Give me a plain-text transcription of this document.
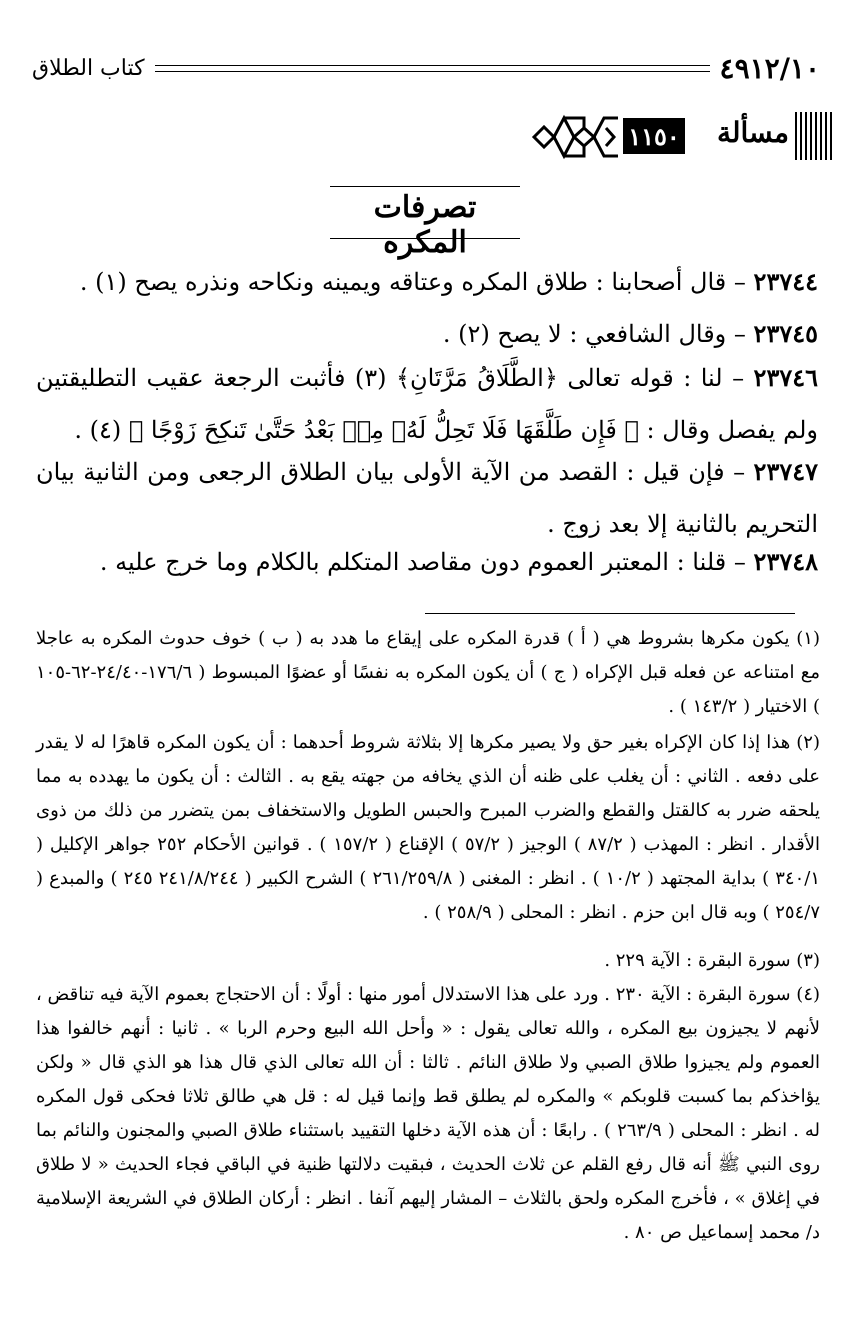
٤٩١٢/١٠
كتاب الطلاق
مسألة
١١٥٠
تصرفات المكره
٢٣٧٤٤ – قال أصحابنا : طلاق المكره وعتاقه ويمينه ونكاحه ونذره يصح (١) .
٢٣٧٤٥ – وقال الشافعي : لا يصح (٢) .
٢٣٧٤٦ – لنا : قوله تعالى ﴿الطَّلَاقُ مَرَّتَانِ﴾ (٣) فأثبت الرجعة عقيب التطليقتين ولم يفصل وقال : ﴿ فَإِن طَلَّقَهَا فَلَا تَحِلُّ لَهُۥ مِنۢ بَعْدُ حَتَّىٰ تَنكِحَ زَوْجًا ﴾ (٤) .
٢٣٧٤٧ – فإن قيل : القصد من الآية الأولى بيان الطلاق الرجعى ومن الثانية بيان التحريم بالثانية إلا بعد زوج .
٢٣٧٤٨ – قلنا : المعتبر العموم دون مقاصد المتكلم بالكلام وما خرج عليه .
(١) يكون مكرها بشروط هي ( أ ) قدرة المكره على إيقاع ما هدد به ( ب ) خوف حدوث المكره به عاجلا مع امتناعه عن فعله قبل الإكراه ( ج ) أن يكون المكره به نفسًا أو عضوًا المبسوط ( ١٧٦/٦-٢٤/٤٠-٦٢-١٠٥ ) الاختيار ( ١٤٣/٢ ) .
(٢) هذا إذا كان الإكراه بغير حق ولا يصير مكرها إلا بثلاثة شروط أحدهما : أن يكون المكره قاهرًا له لا يقدر على دفعه . الثاني : أن يغلب على ظنه أن الذي يخافه من جهته يقع به . الثالث : أن يكون ما يهدده به مما يلحقه ضرر به كالقتل والقطع والضرب المبرح والحبس الطويل والاستخفاف بمن يتضرر من ذلك من ذوى الأقدار . انظر : المهذب ( ٨٧/٢ ) الوجيز ( ٥٧/٢ ) الإقناع ( ١٥٧/٢ ) . قوانين الأحكام ٢٥٢ جواهر الإكليل ( ٣٤٠/١ ) بداية المجتهد ( ١٠/٢ ) . انظر : المغنى ( ٢٦١/٢٥٩/٨ ) الشرح الكبير ( ٢٤١/٨/٢٤٤ ٢٤٥ ) والمبدع ( ٢٥٤/٧ ) وبه قال ابن حزم . انظر : المحلى ( ٢٥٨/٩ ) .
(٣) سورة البقرة : الآية ٢٢٩ .
(٤) سورة البقرة : الآية ٢٣٠ . ورد على هذا الاستدلال أمور منها : أولًا : أن الاحتجاج بعموم الآية فيه تناقض ، لأنهم لا يجيزون بيع المكره ، والله تعالى يقول : « وأحل الله البيع وحرم الربا » . ثانيا : أنهم خالفوا هذا العموم ولم يجيزوا طلاق الصبي ولا طلاق النائم . ثالثا : أن الله تعالى الذي قال هذا هو الذي قال « ولكن يؤاخذكم بما كسبت قلوبكم » والمكره لم يطلق قط وإنما قيل له : قل هي طالق ثلاثا فحكى قول المكره له . انظر : المحلى ( ٢٦٣/٩ ) . رابعًا : أن هذه الآية دخلها التقييد باستثناء طلاق الصبي والمجنون والنائم بما روى النبي ﷺ أنه قال رفع القلم عن ثلاث الحديث ، فبقيت دلالتها ظنية في الباقي فجاء الحديث « لا طلاق في إغلاق » ، فأخرج المكره ولحق بالثلاث – المشار إليهم آنفا . انظر : أركان الطلاق في الشريعة الإسلامية د/ محمد إسماعيل ص ٨٠ .
